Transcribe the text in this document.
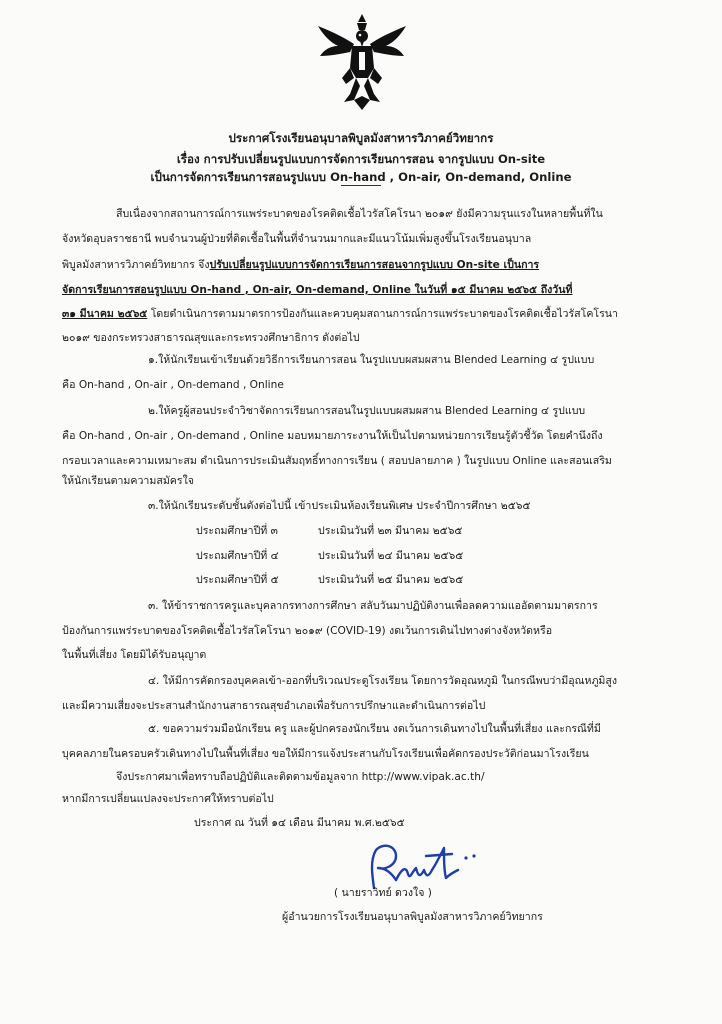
ประกาศโรงเรียนอนุบาลพิบูลมังสาหารวิภาคย์วิทยากร
เรื่อง การปรับเปลี่ยนรูปแบบการจัดการเรียนการสอน จากรูปแบบ On-site
เป็นการจัดการเรียนการสอนรูปแบบ On-hand , On-air, On-demand, Online
สืบเนื่องจากสถานการณ์การแพร่ระบาดของโรคติดเชื้อไวรัสโคโรนา ๒๐๑๙ ยังมีความรุนแรงในหลายพื้นที่ใน
จังหวัดอุบลราชธานี พบจำนวนผู้ป่วยที่ติดเชื้อในพื้นที่จำนวนมากและมีแนวโน้มเพิ่มสูงขึ้นโรงเรียนอนุบาล
พิบูลมังสาหารวิภาคย์วิทยากร จึงปรับเปลี่ยนรูปแบบการจัดการเรียนการสอนจากรูปแบบ On-site เป็นการ
จัดการเรียนการสอนรูปแบบ On-hand , On-air, On-demand, Online ในวันที่ ๑๕ มีนาคม ๒๕๖๕ ถึงวันที่
๓๑ มีนาคม ๒๕๖๕ โดยดำเนินการตามมาตรการป้องกันและควบคุมสถานการณ์การแพร่ระบาดของโรคติดเชื้อไวรัสโคโรนา
๒๐๑๙ ของกระทรวงสาธารณสุขและกระทรวงศึกษาธิการ ดังต่อไป
๑.ให้นักเรียนเข้าเรียนด้วยวิธีการเรียนการสอน ในรูปแบบผสมผสาน Blended Learning ๔ รูปแบบ
คือ On-hand , On-air , On-demand , Online
๒.ให้ครูผู้สอนประจำวิชาจัดการเรียนการสอนในรูปแบบผสมผสาน Blended Learning ๔ รูปแบบ
คือ On-hand , On-air , On-demand , Online มอบหมายภาระงานให้เป็นไปตามหน่วยการเรียนรู้ตัวชี้วัด โดยคำนึงถึง
กรอบเวลาและความเหมาะสม ดำเนินการประเมินสัมฤทธิ์ทางการเรียน ( สอบปลายภาค ) ในรูปแบบ Online และสอนเสริม
ให้นักเรียนตามความสมัครใจ
๓.ให้นักเรียนระดับชั้นดังต่อไปนี้ เข้าประเมินห้องเรียนพิเศษ ประจำปีการศึกษา ๒๕๖๕
ประถมศึกษาปีที่ ๓	ประเมินวันที่ ๒๓ มีนาคม ๒๕๖๕
ประถมศึกษาปีที่ ๔	ประเมินวันที่ ๒๔ มีนาคม ๒๕๖๕
ประถมศึกษาปีที่ ๕	ประเมินวันที่ ๒๕ มีนาคม ๒๕๖๕
๓. ให้ข้าราชการครูและบุคลากรทางการศึกษา สลับวันมาปฏิบัติงานเพื่อลดความแออัดตามมาตรการ
ป้องกันการแพร่ระบาดของโรคติดเชื้อไวรัสโคโรนา ๒๐๑๙ (COVID-19) งดเว้นการเดินไปทางต่างจังหวัดหรือ
ในพื้นที่เสี่ยง โดยมิได้รับอนุญาต
๔. ให้มีการคัดกรองบุคคลเข้า-ออกที่บริเวณประตูโรงเรียน โดยการวัดอุณหภูมิ ในกรณีพบว่ามีอุณหภูมิสูง
และมีความเสี่ยงจะประสานสำนักงานสาธารณสุขอำเภอเพื่อรับการปรึกษาและดำเนินการต่อไป
๕. ขอความร่วมมือนักเรียน ครู และผู้ปกครองนักเรียน งดเว้นการเดินทางไปในพื้นที่เสี่ยง และกรณีที่มี
บุคคลภายในครอบครัวเดินทางไปในพื้นที่เสี่ยง ขอให้มีการแจ้งประสานกับโรงเรียนเพื่อคัดกรองประวัติก่อนมาโรงเรียน
จึงประกาศมาเพื่อทราบถือปฏิบัติและติดตามข้อมูลจาก http://www.vipak.ac.th/
หากมีการเปลี่ยนแปลงจะประกาศให้ทราบต่อไป
ประกาศ ณ วันที่ ๑๔ เดือน มีนาคม พ.ศ.๒๕๖๕
( นายราวิทย์ ดวงใจ )
ผู้อำนวยการโรงเรียนอนุบาลพิบูลมังสาหารวิภาคย์วิทยากร
